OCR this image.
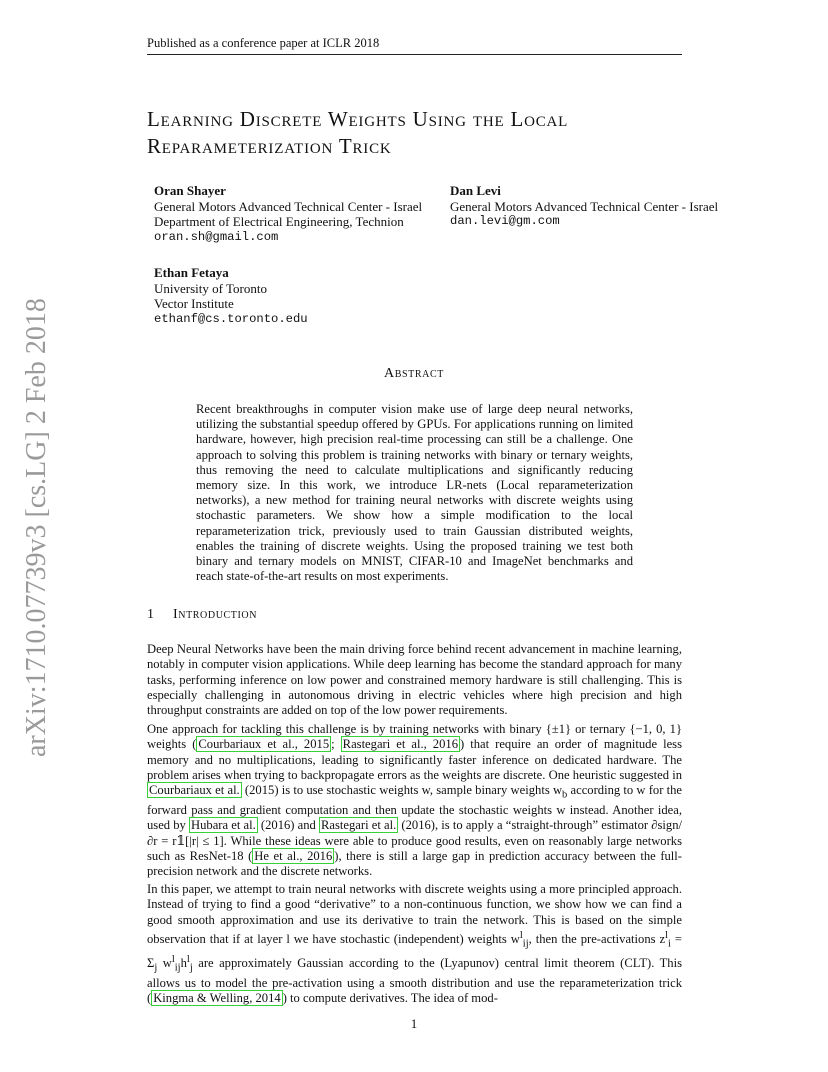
Published as a conference paper at ICLR 2018
Learning Discrete Weights Using the Local
Reparameterization Trick
Oran Shayer
General Motors Advanced Technical Center - Israel
Department of Electrical Engineering, Technion
oran.sh@gmail.com
Dan Levi
General Motors Advanced Technical Center - Israel
dan.levi@gm.com
Ethan Fetaya
University of Toronto
Vector Institute
ethanf@cs.toronto.edu
arXiv:1710.07739v3 [cs.LG] 2 Feb 2018	Abstract
Recent breakthroughs in computer vision make use of large deep neural networks, utilizing the substantial speedup offered by GPUs. For applications running on limited hardware, however, high precision real-time processing can still be a challenge. One approach to solving this problem is training networks with binary or ternary weights, thus removing the need to calculate multiplications and significantly reducing memory size. In this work, we introduce LR-nets (Local reparameterization networks), a new method for training neural networks with discrete weights using stochastic parameters. We show how a simple modification to the local reparameterization trick, previously used to train Gaussian distributed weights, enables the training of discrete weights. Using the proposed training we test both binary and ternary models on MNIST, CIFAR-10 and ImageNet benchmarks and reach state-of-the-art results on most experiments.
1 Introduction
Deep Neural Networks have been the main driving force behind recent advancement in machine learning, notably in computer vision applications. While deep learning has become the standard approach for many tasks, performing inference on low power and constrained memory hardware is still challenging. This is especially challenging in autonomous driving in electric vehicles where high precision and high throughput constraints are added on top of the low power requirements.
One approach for tackling this challenge is by training networks with binary {±1} or ternary {−1, 0, 1} weights ( Courbariaux et al., 2015 ; Rastegari et al., 2016 ) that require an order of magnitude less memory and no multiplications, leading to significantly faster inference on dedicated hardware. The problem arises when trying to backpropagate errors as the weights are discrete. One heuristic suggested in Courbariaux et al. (2015) is to use stochastic weights w, sample binary weights $w_b$ according to w for the forward pass and gradient computation and then update the stochastic weights w instead. Another idea, used by Hubara et al. (2016) and Rastegari et al. (2016), is to apply a “straight-through” estimator ∂sign/∂r = r𝟙[|r| ≤ 1]. While these ideas were able to produce good results, even on reasonably large networks such as ResNet-18 ( He et al., 2016 ), there is still a large gap in prediction accuracy between the full-precision network and the discrete networks.
In this paper, we attempt to train neural networks with discrete weights using a more principled approach. Instead of trying to find a good “derivative” to a non-continuous function, we show how we can find a good smooth approximation and use its derivative to train the network. This is based on the simple observation that if at layer l we have stochastic (independent) weights $w^l_{ij}$, then the pre-activations $z^l_i = \Sigma_j$ $w^l_{ij}h^l_j$ are approximately Gaussian according to the (Lyapunov) central limit theorem (CLT). This allows us to model the pre-activation using a smooth distribution and use the reparameterization trick ( Kingma & Welling, 2014 ) to compute derivatives. The idea of mod-
1
